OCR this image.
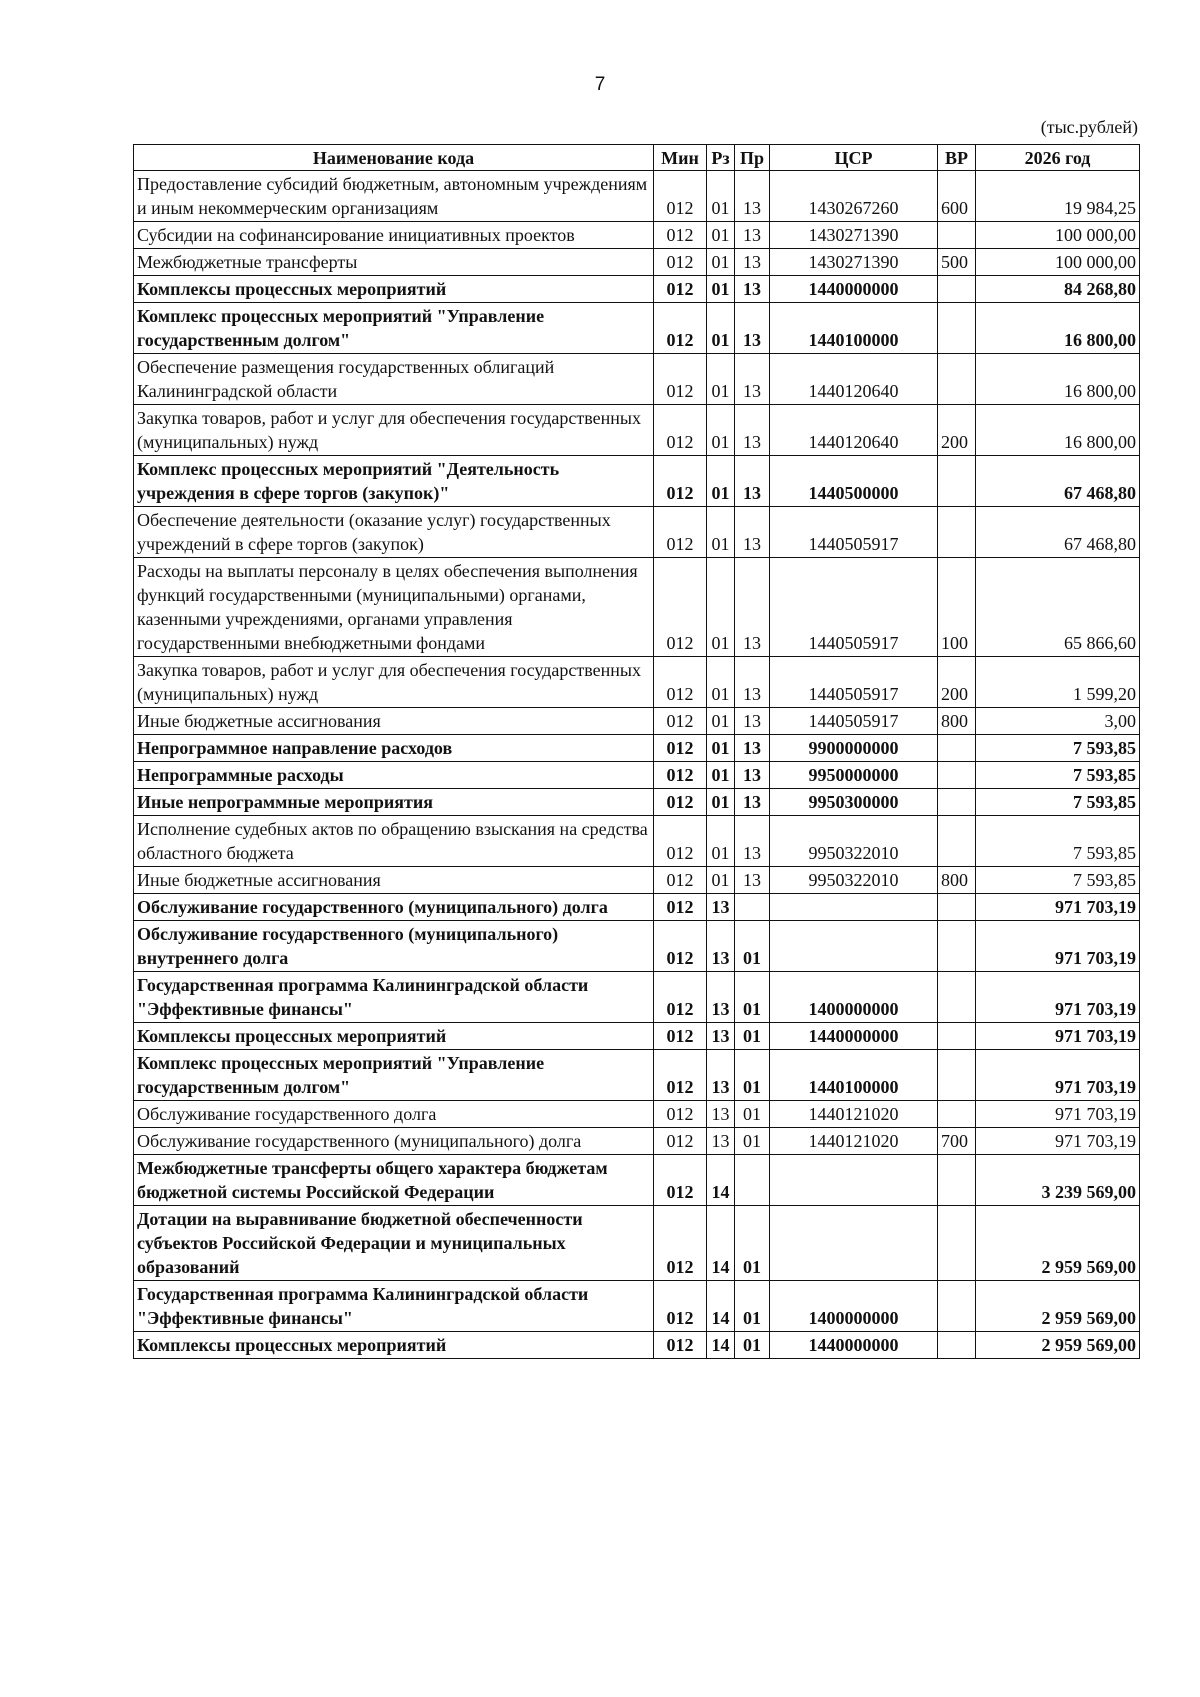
7
(тыс.рублей)
Наименование кода	Мин	Рз	Пр	ЦСР	ВР	2026 год
Предоставление субсидий бюджетным, автономным учреждениям и иным некоммерческим организациям	012	01	13	1430267260	600	19 984,25
Субсидии на софинансирование инициативных проектов	012	01	13	1430271390		100 000,00
Межбюджетные трансферты	012	01	13	1430271390	500	100 000,00
Комплексы процессных мероприятий	012	01	13	1440000000		84 268,80
Комплекс процессных мероприятий "Управление государственным долгом"	012	01	13	1440100000		16 800,00
Обеспечение размещения государственных облигаций Калининградской области	012	01	13	1440120640		16 800,00
Закупка товаров, работ и услуг для обеспечения государственных (муниципальных) нужд	012	01	13	1440120640	200	16 800,00
Комплекс процессных мероприятий "Деятельность учреждения в сфере торгов (закупок)"	012	01	13	1440500000		67 468,80
Обеспечение деятельности (оказание услуг) государственных учреждений в сфере торгов (закупок)	012	01	13	1440505917		67 468,80
Расходы на выплаты персоналу в целях обеспечения выполнения функций государственными (муниципальными) органами, казенными учреждениями, органами управления государственными внебюджетными фондами	012	01	13	1440505917	100	65 866,60
Закупка товаров, работ и услуг для обеспечения государственных (муниципальных) нужд	012	01	13	1440505917	200	1 599,20
Иные бюджетные ассигнования	012	01	13	1440505917	800	3,00
Непрограммное направление расходов	012	01	13	9900000000		7 593,85
Непрограммные расходы	012	01	13	9950000000		7 593,85
Иные непрограммные мероприятия	012	01	13	9950300000		7 593,85
Исполнение судебных актов по обращению взыскания на средства областного бюджета	012	01	13	9950322010		7 593,85
Иные бюджетные ассигнования	012	01	13	9950322010	800	7 593,85
Обслуживание государственного (муниципального) долга	012	13				971 703,19
Обслуживание государственного (муниципального) внутреннего долга	012	13	01			971 703,19
Государственная программа Калининградской области "Эффективные финансы"	012	13	01	1400000000		971 703,19
Комплексы процессных мероприятий	012	13	01	1440000000		971 703,19
Комплекс процессных мероприятий "Управление государственным долгом"	012	13	01	1440100000		971 703,19
Обслуживание государственного долга	012	13	01	1440121020		971 703,19
Обслуживание государственного (муниципального) долга	012	13	01	1440121020	700	971 703,19
Межбюджетные трансферты общего характера бюджетам бюджетной системы Российской Федерации	012	14				3 239 569,00
Дотации на выравнивание бюджетной обеспеченности субъектов Российской Федерации и муниципальных образований	012	14	01			2 959 569,00
Государственная программа Калининградской области "Эффективные финансы"	012	14	01	1400000000		2 959 569,00
Комплексы процессных мероприятий	012	14	01	1440000000		2 959 569,00
